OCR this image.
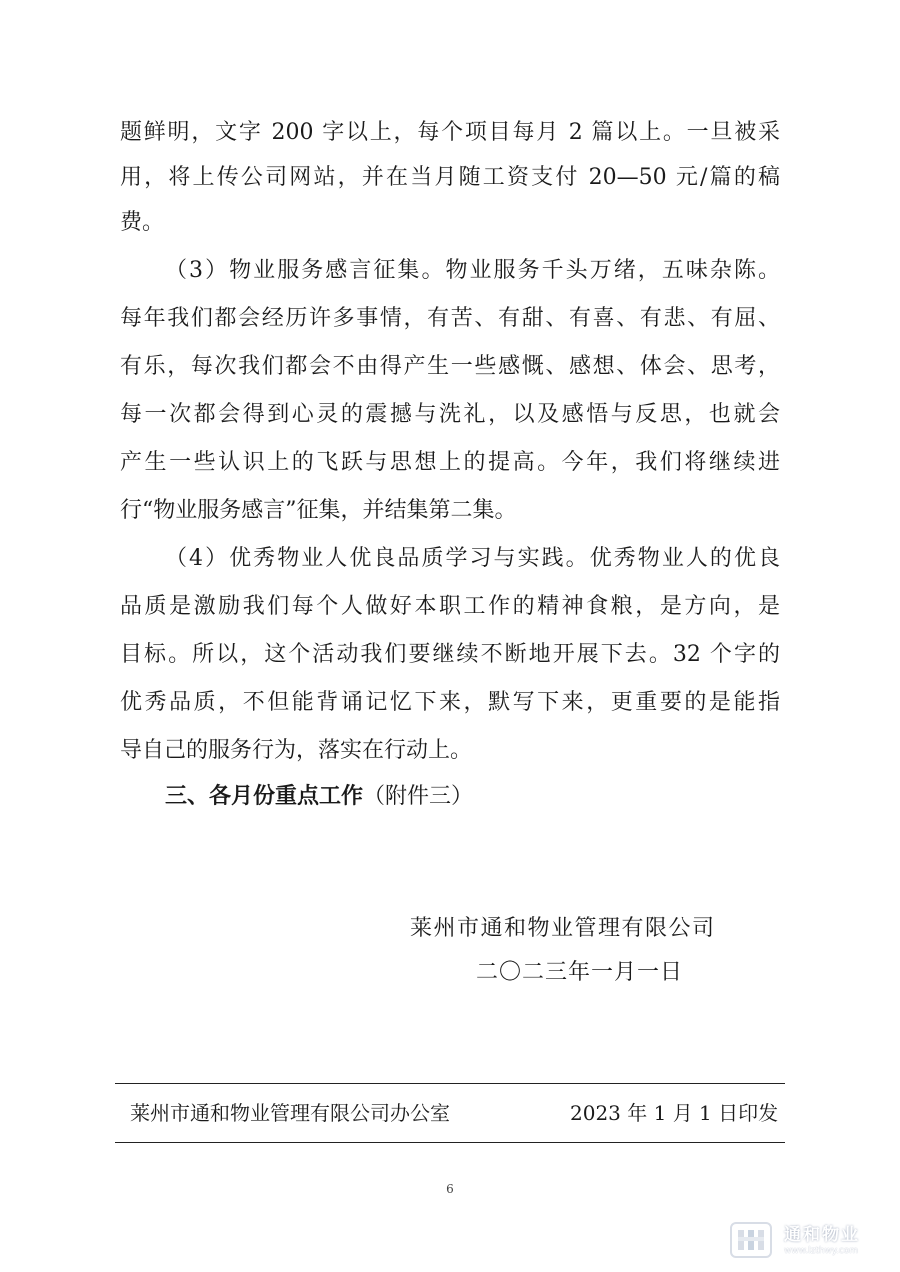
题鲜明，文字 200 字以上，每个项目每月 2 篇以上。一旦被采
用，将上传公司网站，并在当月随工资支付 20—50 元/篇的稿
费。
（3）物业服务感言征集。物业服务千头万绪，五味杂陈。
每年我们都会经历许多事情，有苦、有甜、有喜、有悲、有屈、
有乐，每次我们都会不由得产生一些感慨、感想、体会、思考，
每一次都会得到心灵的震撼与洗礼，以及感悟与反思，也就会
产生一些认识上的飞跃与思想上的提高。今年，我们将继续进
行“物业服务感言”征集，并结集第二集。
（4）优秀物业人优良品质学习与实践。优秀物业人的优良
品质是激励我们每个人做好本职工作的精神食粮，是方向，是
目标。所以，这个活动我们要继续不断地开展下去。32 个字的
优秀品质，不但能背诵记忆下来，默写下来，更重要的是能指
导自己的服务行为，落实在行动上。
三、各月份重点工作（附件三）
莱州市通和物业管理有限公司
二〇二三年一月一日
莱州市通和物业管理有限公司办公室	2023 年 1 月 1 日印发
6
通和物业
www.lzthwy.com
